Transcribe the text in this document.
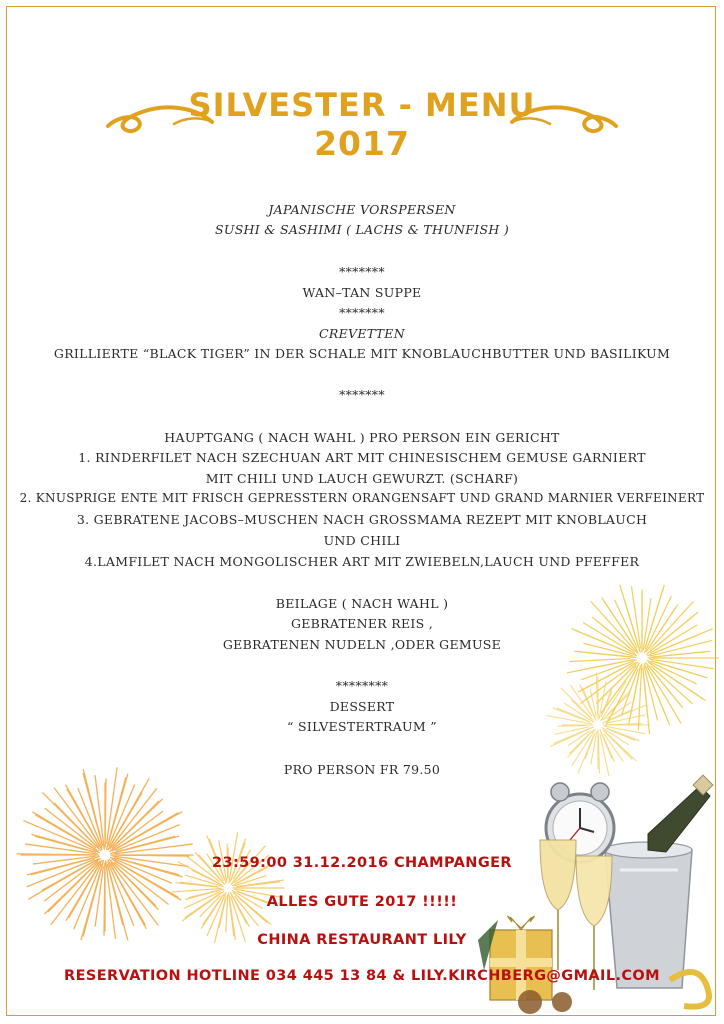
SILVESTER - MENU
2017
JAPANISCHE VORSPERSEN
SUSHI & SASHIMI ( LACHS & THUNFISH )
*******
WAN–TAN SUPPE
*******
CREVETTEN
GRILLIERTE “BLACK TIGER” IN DER SCHALE MIT KNOBLAUCHBUTTER UND BASILIKUM
*******
HAUPTGANG ( NACH WAHL ) PRO PERSON EIN GERICHT
1. RINDERFILET NACH SZECHUAN ART MIT CHINESISCHEM GEMUSE GARNIERT
MIT CHILI UND LAUCH GEWURZT. (SCHARF)
2. KNUSPRIGE ENTE MIT FRISCH GEPRESSTERN ORANGENSAFT UND GRAND MARNIER VERFEINERT
3. GEBRATENE JACOBS–MUSCHEN NACH GROSSMAMA REZEPT MIT KNOBLAUCH
UND CHILI
4.LAMFILET NACH MONGOLISCHER ART MIT ZWIEBELN,LAUCH UND PFEFFER
BEILAGE ( NACH WAHL )
GEBRATENER REIS ,
GEBRATENEN NUDELN ,ODER GEMUSE
********
DESSERT
“ SILVESTERTRAUM ”
PRO PERSON FR 79.50
23:59:00 31.12.2016 CHAMPANGER
ALLES GUTE 2017 !!!!!
CHINA RESTAURANT LILY
RESERVATION HOTLINE 034 445 13 84 & LILY.KIRCHBERG@GMAIL.COM
